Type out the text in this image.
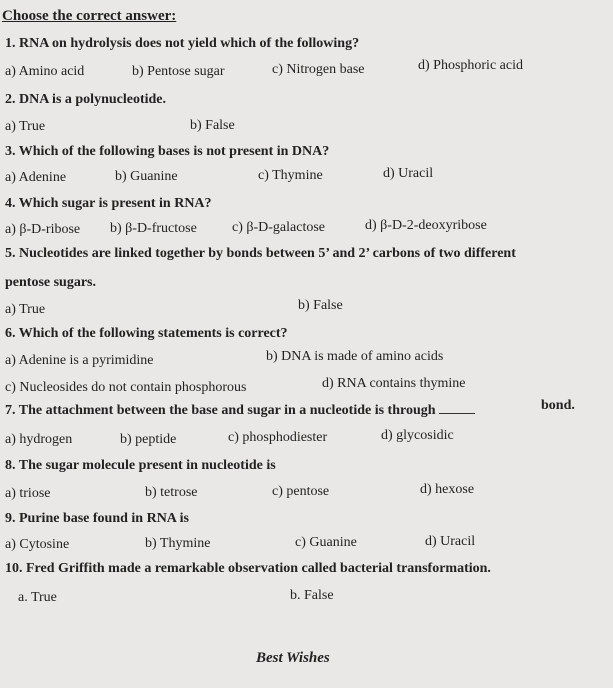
Choose the correct answer:
1. RNA on hydrolysis does not yield which of the following?
a) Amino acid	b) Pentose sugar	c) Nitrogen base	d) Phosphoric acid
2. DNA is a polynucleotide.
a) True	b) False
3. Which of the following bases is not present in DNA?
a) Adenine	b) Guanine	c) Thymine	d) Uracil
4. Which sugar is present in RNA?
a) β-D-ribose b) β-D-fructose	c) β-D-galactose	d) β-D-2-deoxyribose
5. Nucleotides are linked together by bonds between 5’ and 2’ carbons of two different
pentose sugars.
a) True	b) False
6. Which of the following statements is correct?
a) Adenine is a pyrimidine	b) DNA is made of amino acids
c) Nucleosides do not contain phosphorous	d) RNA contains thymine
7. The attachment between the base and sugar in a nucleotide is through	bond.
a) hydrogen	b) peptide	c) phosphodiester	d) glycosidic
8. The sugar molecule present in nucleotide is
a) triose	b) tetrose	c) pentose	d) hexose
9. Purine base found in RNA is
a) Cytosine	b) Thymine	c) Guanine	d) Uracil
10. Fred Griffith made a remarkable observation called bacterial transformation.
a. True	b. False
Best Wishes
